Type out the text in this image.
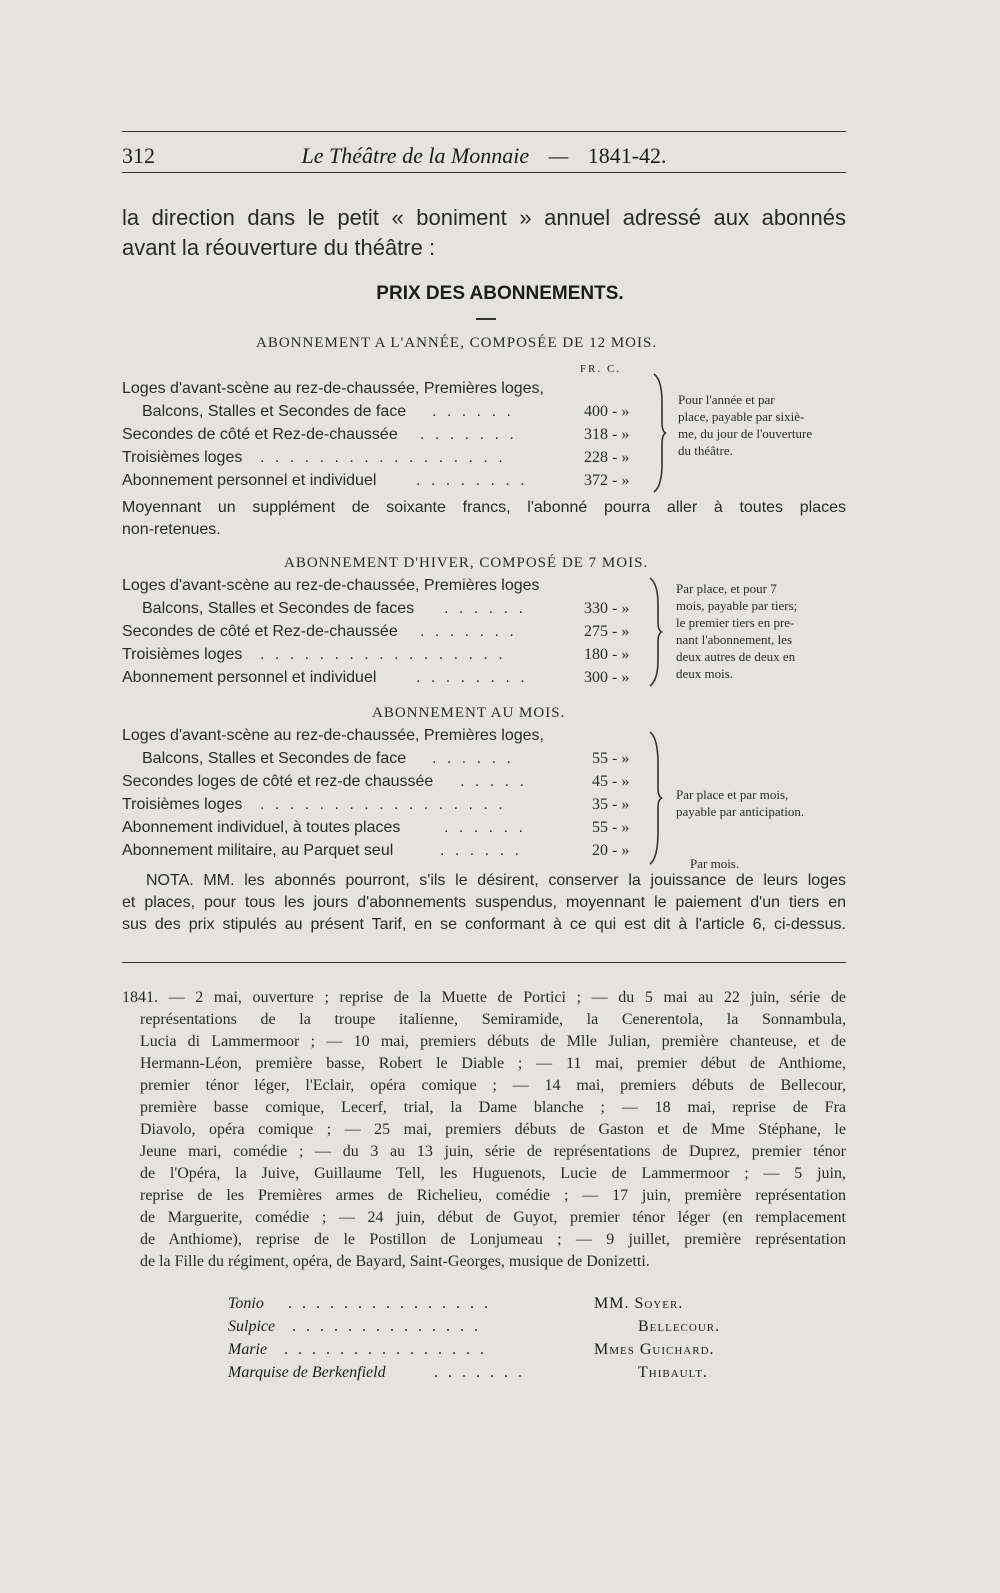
312	Le Théâtre de la Monnaie — 1841-42.
la direction dans le petit « boniment » annuel adressé aux abonnés
avant la réouverture du théâtre :
PRIX DES ABONNEMENTS.
ABONNEMENT A L'ANNÉE, COMPOSÉE DE 12 MOIS.
FR. C.
Loges d'avant-scène au rez-de-chaussée, Premières loges,
Balcons, Stalles et Secondes de face . . . . . .	400 - »
Secondes de côté et Rez-de-chaussée . . . . . . .	318 - »
Troisièmes loges . . . . . . . . . . . . . . . . .	228 - »
Abonnement personnel et individuel . . . . . . . .	372 - »
Pour l'année et par
place, payable par sixiè-
me, du jour de l'ouverture
du théâtre.
Moyennant un supplément de soixante francs, l'abonné pourra aller à toutes places
non-retenues.
ABONNEMENT D'HIVER, COMPOSÉ DE 7 MOIS.
Loges d'avant-scène au rez-de-chaussée, Premières loges
Balcons, Stalles et Secondes de faces . . . . . .	330 - »
Secondes de côté et Rez-de-chaussée . . . . . . .	275 - »
Troisièmes loges . . . . . . . . . . . . . . . . .	180 - »
Abonnement personnel et individuel . . . . . . . .	300 - »
Par place, et pour 7
mois, payable par tiers;
le premier tiers en pre-
nant l'abonnement, les
deux autres de deux en
deux mois.
ABONNEMENT AU MOIS.
Loges d'avant-scène au rez-de-chaussée, Premières loges,
Balcons, Stalles et Secondes de face . . . . . .	55 - »
Secondes loges de côté et rez-de chaussée . . . . .	45 - »
Troisièmes loges . . . . . . . . . . . . . . . . .	35 - »
Abonnement individuel, à toutes places	. . . . . .	55 - »
Abonnement militaire, au Parquet seul	. . . . . .	20 - »
Par place et par mois,
payable par anticipation.
Par mois.
NOTA. MM. les abonnés pourront, s'ils le désirent, conserver la jouissance de leurs loges
et places, pour tous les jours d'abonnements suspendus, moyennant le paiement d'un tiers en
sus des prix stipulés au présent Tarif, en se conformant à ce qui est dit à l'article 6, ci-dessus.
1841. — 2 mai, ouverture ; reprise de la Muette de Portici ; — du 5 mai au 22 juin, série de
représentations de la troupe italienne, Semiramide, la Cenerentola, la Sonnambula,
Lucia di Lammermoor ; — 10 mai, premiers débuts de Mlle Julian, première chanteuse, et de
Hermann-Léon, première basse, Robert le Diable ; — 11 mai, premier début de Anthiome,
premier ténor léger, l'Eclair, opéra comique ; — 14 mai, premiers débuts de Bellecour,
première basse comique, Lecerf, trial, la Dame blanche ; — 18 mai, reprise de Fra
Diavolo, opéra comique ; — 25 mai, premiers débuts de Gaston et de Mme Stéphane, le
Jeune mari, comédie ; — du 3 au 13 juin, série de représentations de Duprez, premier ténor
de l'Opéra, la Juive, Guillaume Tell, les Huguenots, Lucie de Lammermoor ; — 5 juin,
reprise de les Premières armes de Richelieu, comédie ; — 17 juin, première représentation
de Marguerite, comédie ; — 24 juin, début de Guyot, premier ténor léger (en remplacement
de Anthiome), reprise de le Postillon de Lonjumeau ; — 9 juillet, première représentation
de la Fille du régiment, opéra, de Bayard, Saint-Georges, musique de Donizetti.
Tonio . . . . . . . . . . . . . . .	MM. Soyer.
Sulpice . . . . . . . . . . . . . .	Bellecour.
Marie . . . . . . . . . . . . . . .	Mmes Guichard.
Marquise de Berkenfield	. . . . . . .	Thibault.
